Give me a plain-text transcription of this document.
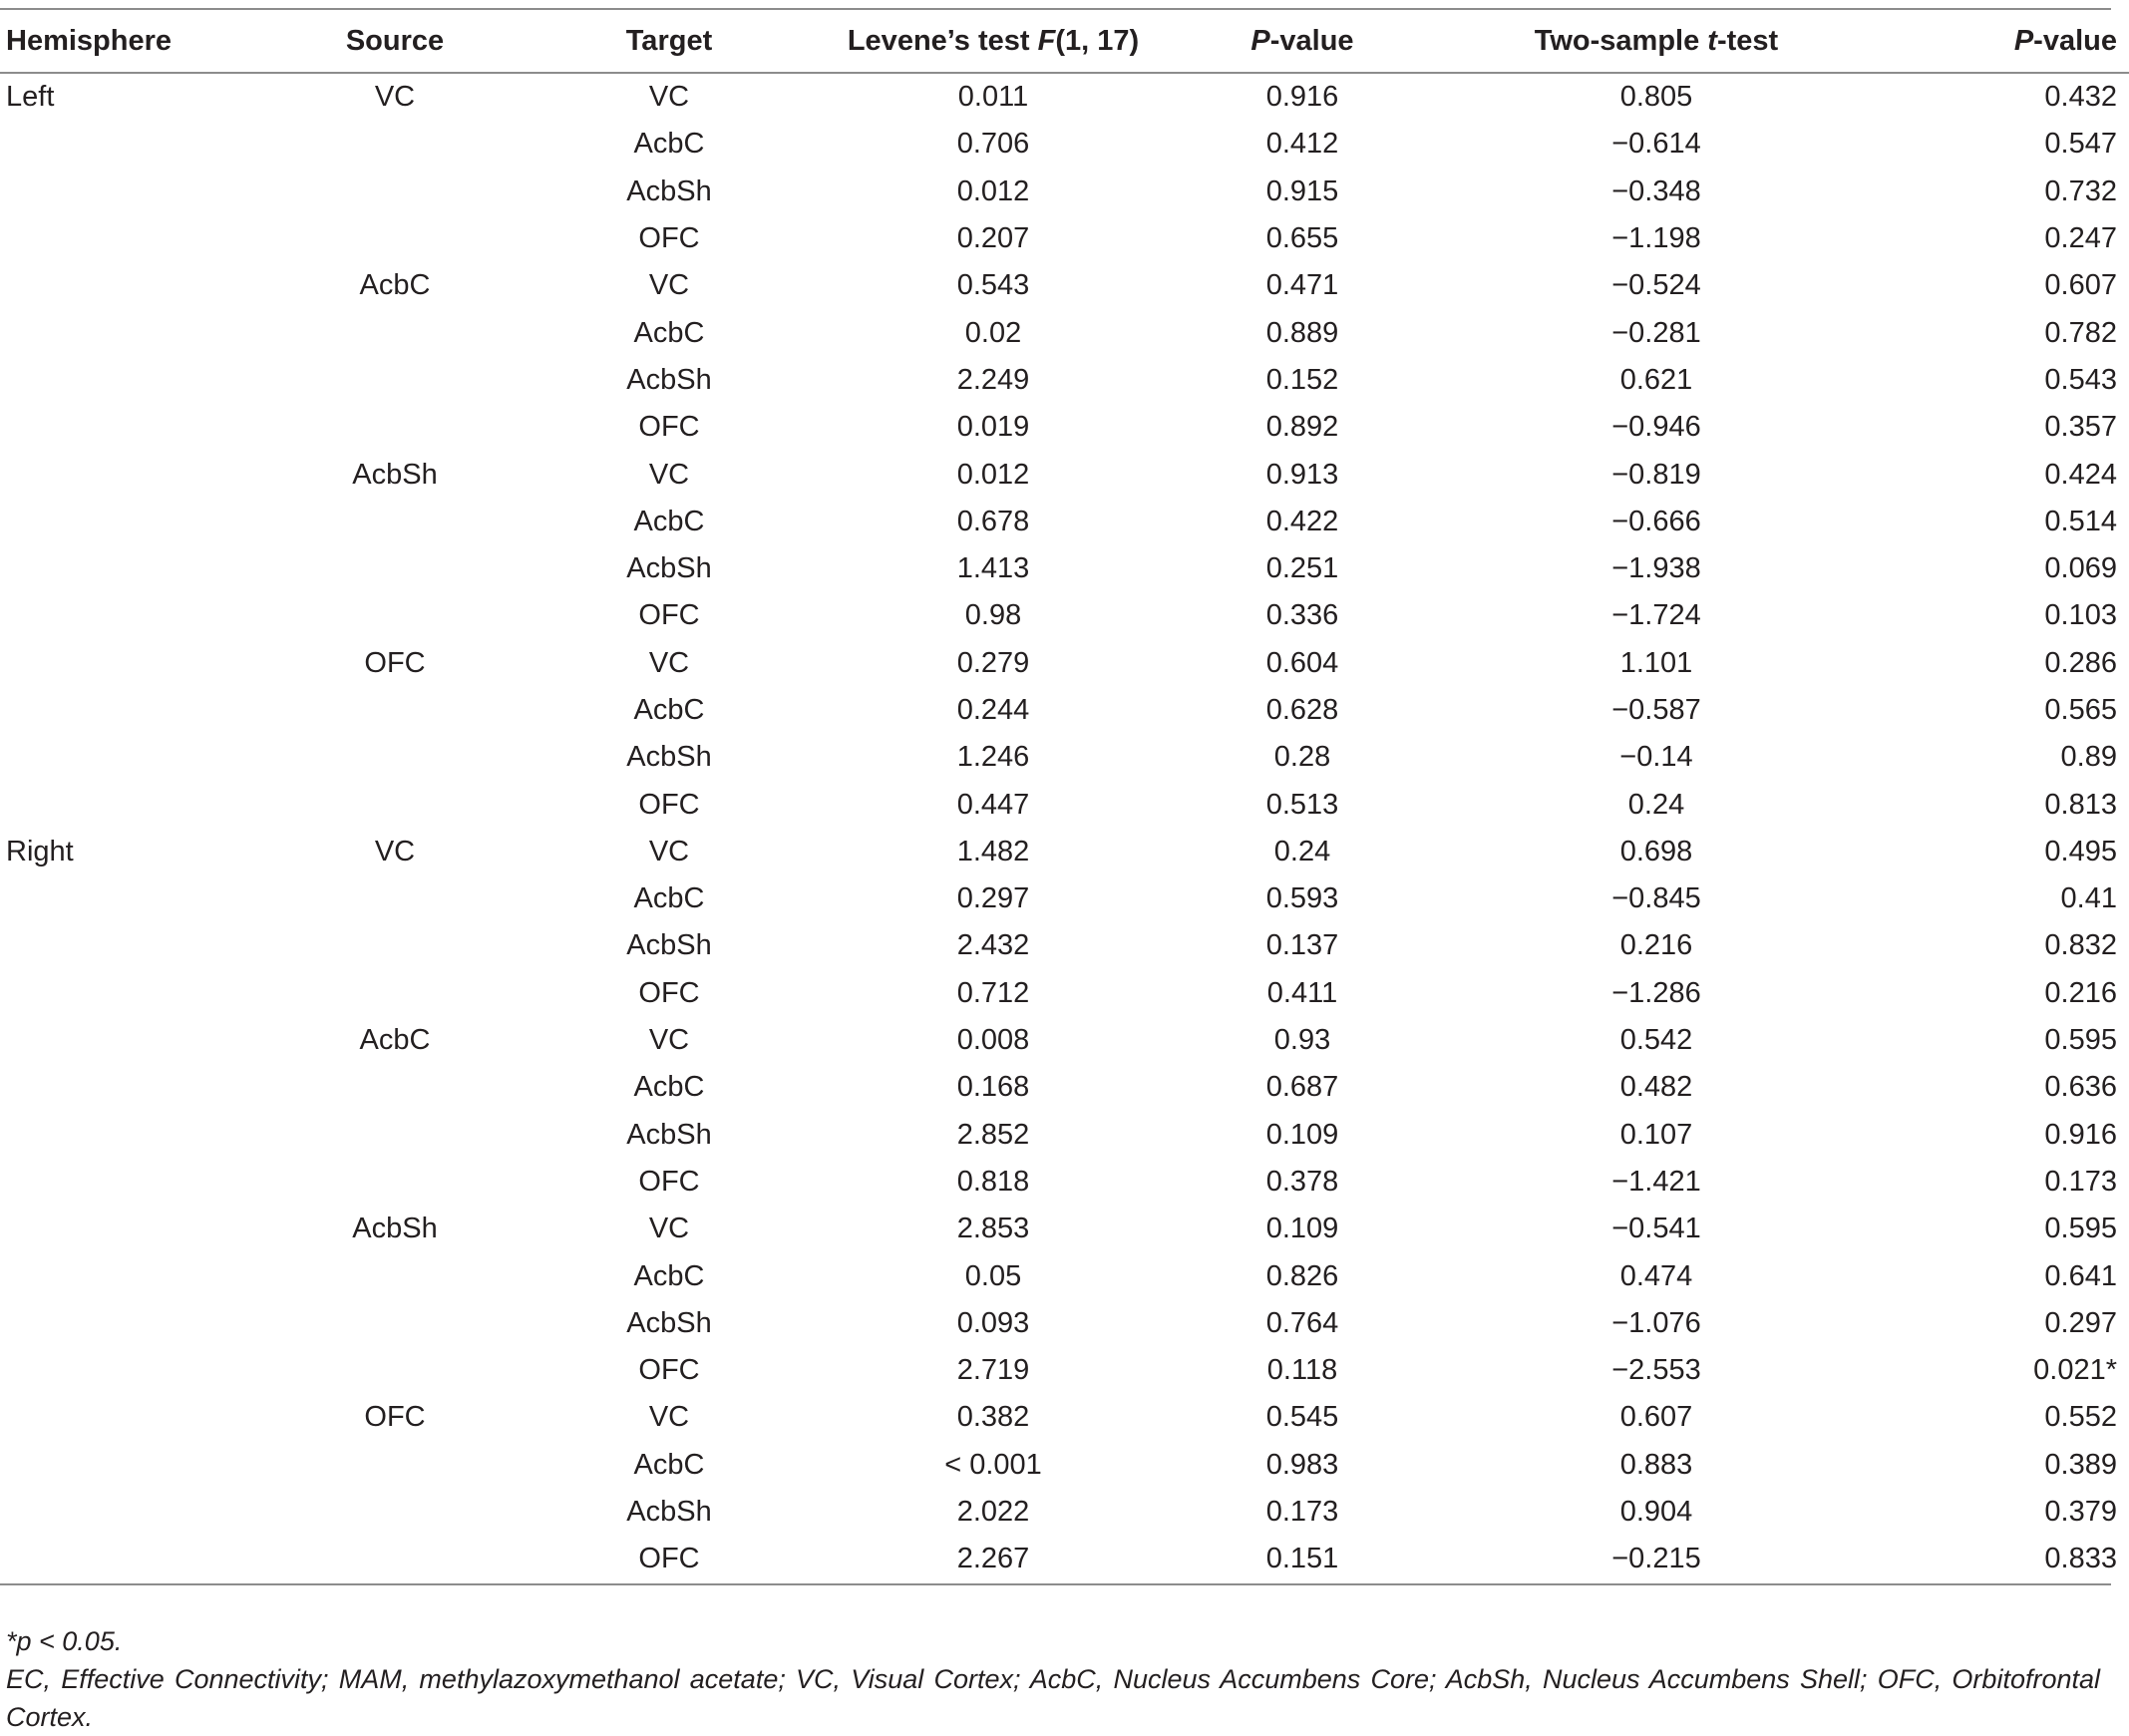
Hemisphere	Source	Target	Levene’s test F(1, 17)	P-value	Two-sample t-test	P-value

Left	VC	VC	0.011	0.916	0.805	0.432
		AcbC	0.706	0.412	−0.614	0.547
		AcbSh	0.012	0.915	−0.348	0.732
		OFC	0.207	0.655	−1.198	0.247
	AcbC	VC	0.543	0.471	−0.524	0.607
		AcbC	0.02	0.889	−0.281	0.782
		AcbSh	2.249	0.152	0.621	0.543
		OFC	0.019	0.892	−0.946	0.357
	AcbSh	VC	0.012	0.913	−0.819	0.424
		AcbC	0.678	0.422	−0.666	0.514
		AcbSh	1.413	0.251	−1.938	0.069
		OFC	0.98	0.336	−1.724	0.103
	OFC	VC	0.279	0.604	1.101	0.286
		AcbC	0.244	0.628	−0.587	0.565
		AcbSh	1.246	0.28	−0.14	0.89
		OFC	0.447	0.513	0.24	0.813
Right	VC	VC	1.482	0.24	0.698	0.495
		AcbC	0.297	0.593	−0.845	0.41
		AcbSh	2.432	0.137	0.216	0.832
		OFC	0.712	0.411	−1.286	0.216
	AcbC	VC	0.008	0.93	0.542	0.595
		AcbC	0.168	0.687	0.482	0.636
		AcbSh	2.852	0.109	0.107	0.916
		OFC	0.818	0.378	−1.421	0.173
	AcbSh	VC	2.853	0.109	−0.541	0.595
		AcbC	0.05	0.826	0.474	0.641
		AcbSh	0.093	0.764	−1.076	0.297
		OFC	2.719	0.118	−2.553	0.021*
	OFC	VC	0.382	0.545	0.607	0.552
		AcbC	< 0.001	0.983	0.883	0.389
		AcbSh	2.022	0.173	0.904	0.379
		OFC	2.267	0.151	−0.215	0.833
*p < 0.05.
EC, Effective Connectivity; MAM, methylazoxymethanol acetate; VC, Visual Cortex; AcbC, Nucleus Accumbens Core; AcbSh, Nucleus Accumbens Shell; OFC, Orbitofrontal Cortex.
